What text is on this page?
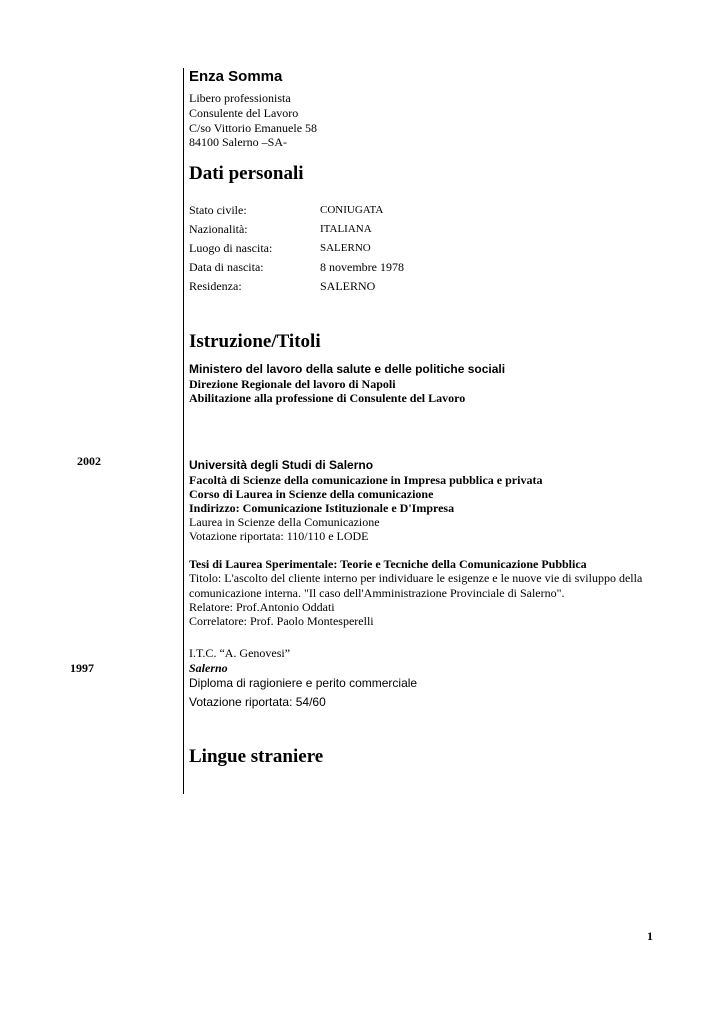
Enza Somma
Libero professionista
Consulente del Lavoro
C/so Vittorio Emanuele 58
84100 Salerno –SA-
Dati personali
Stato civile:	CONIUGATA
Nazionalità:	ITALIANA
Luogo di nascita:	SALERNO
Data di nascita:	8 novembre 1978
Residenza:	SALERNO
Istruzione/Titoli
Ministero del lavoro della salute e delle politiche sociali
Direzione Regionale del lavoro di Napoli
Abilitazione alla professione di Consulente del Lavoro
2002	Università degli Studi di Salerno
Facoltà di Scienze della comunicazione in Impresa pubblica e privata
Corso di Laurea in Scienze della comunicazione
Indirizzo: Comunicazione Istituzionale e D'Impresa
Laurea in Scienze della Comunicazione
Votazione riportata: 110/110 e LODE
Tesi di Laurea Sperimentale: Teorie e Tecniche della Comunicazione Pubblica
Titolo: L'ascolto del cliente interno per individuare le esigenze e le nuove vie di sviluppo della
comunicazione interna. "Il caso dell'Amministrazione Provinciale di Salerno".
Relatore: Prof.Antonio Oddati
Correlatore: Prof. Paolo Montesperelli
I.T.C. “A. Genovesi”
1997	Salerno
Diploma di ragioniere e perito commerciale
Votazione riportata: 54/60
Lingue straniere
1
